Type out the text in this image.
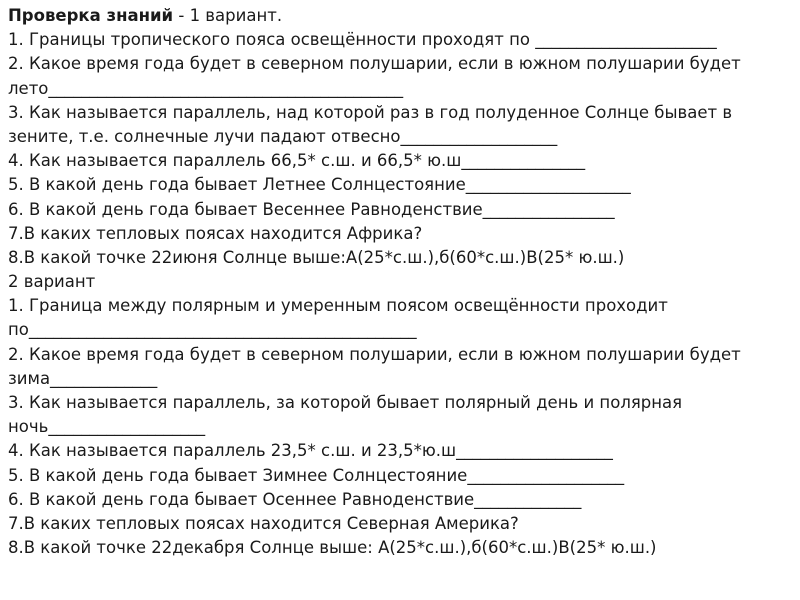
Проверка знаний - 1 вариант.
1. Границы тропического пояса освещённости проходят по ______________________
2. Какое время года будет в северном полушарии, если в южном полушарии будет
лето___________________________________________
3. Как называется параллель, над которой раз в год полуденное Солнце бывает в
зените, т.е. солнечные лучи падают отвесно___________________
4. Как называется параллель 66,5* с.ш. и 66,5* ю.ш_______________
5. В какой день года бывает Летнее Солнцестояние____________________
6. В какой день года бывает Весеннее Равноденствие________________
7.В каких тепловых поясах находится Африка?
8.В какой точке 22июня Солнце выше:А(25*с.ш.),б(60*с.ш.)В(25* ю.ш.)
2 вариант
1. Граница между полярным и умеренным поясом освещённости проходит
по_______________________________________________
2. Какое время года будет в северном полушарии, если в южном полушарии будет
зима_____________
3. Как называется параллель, за которой бывает полярный день и полярная
ночь___________________
4. Как называется параллель 23,5* с.ш. и 23,5*ю.ш___________________
5. В какой день года бывает Зимнее Солнцестояние___________________
6. В какой день года бывает Осеннее Равноденствие_____________
7.В каких тепловых поясах находится Северная Америка?
8.В какой точке 22декабря Солнце выше: А(25*с.ш.),б(60*с.ш.)В(25* ю.ш.)
